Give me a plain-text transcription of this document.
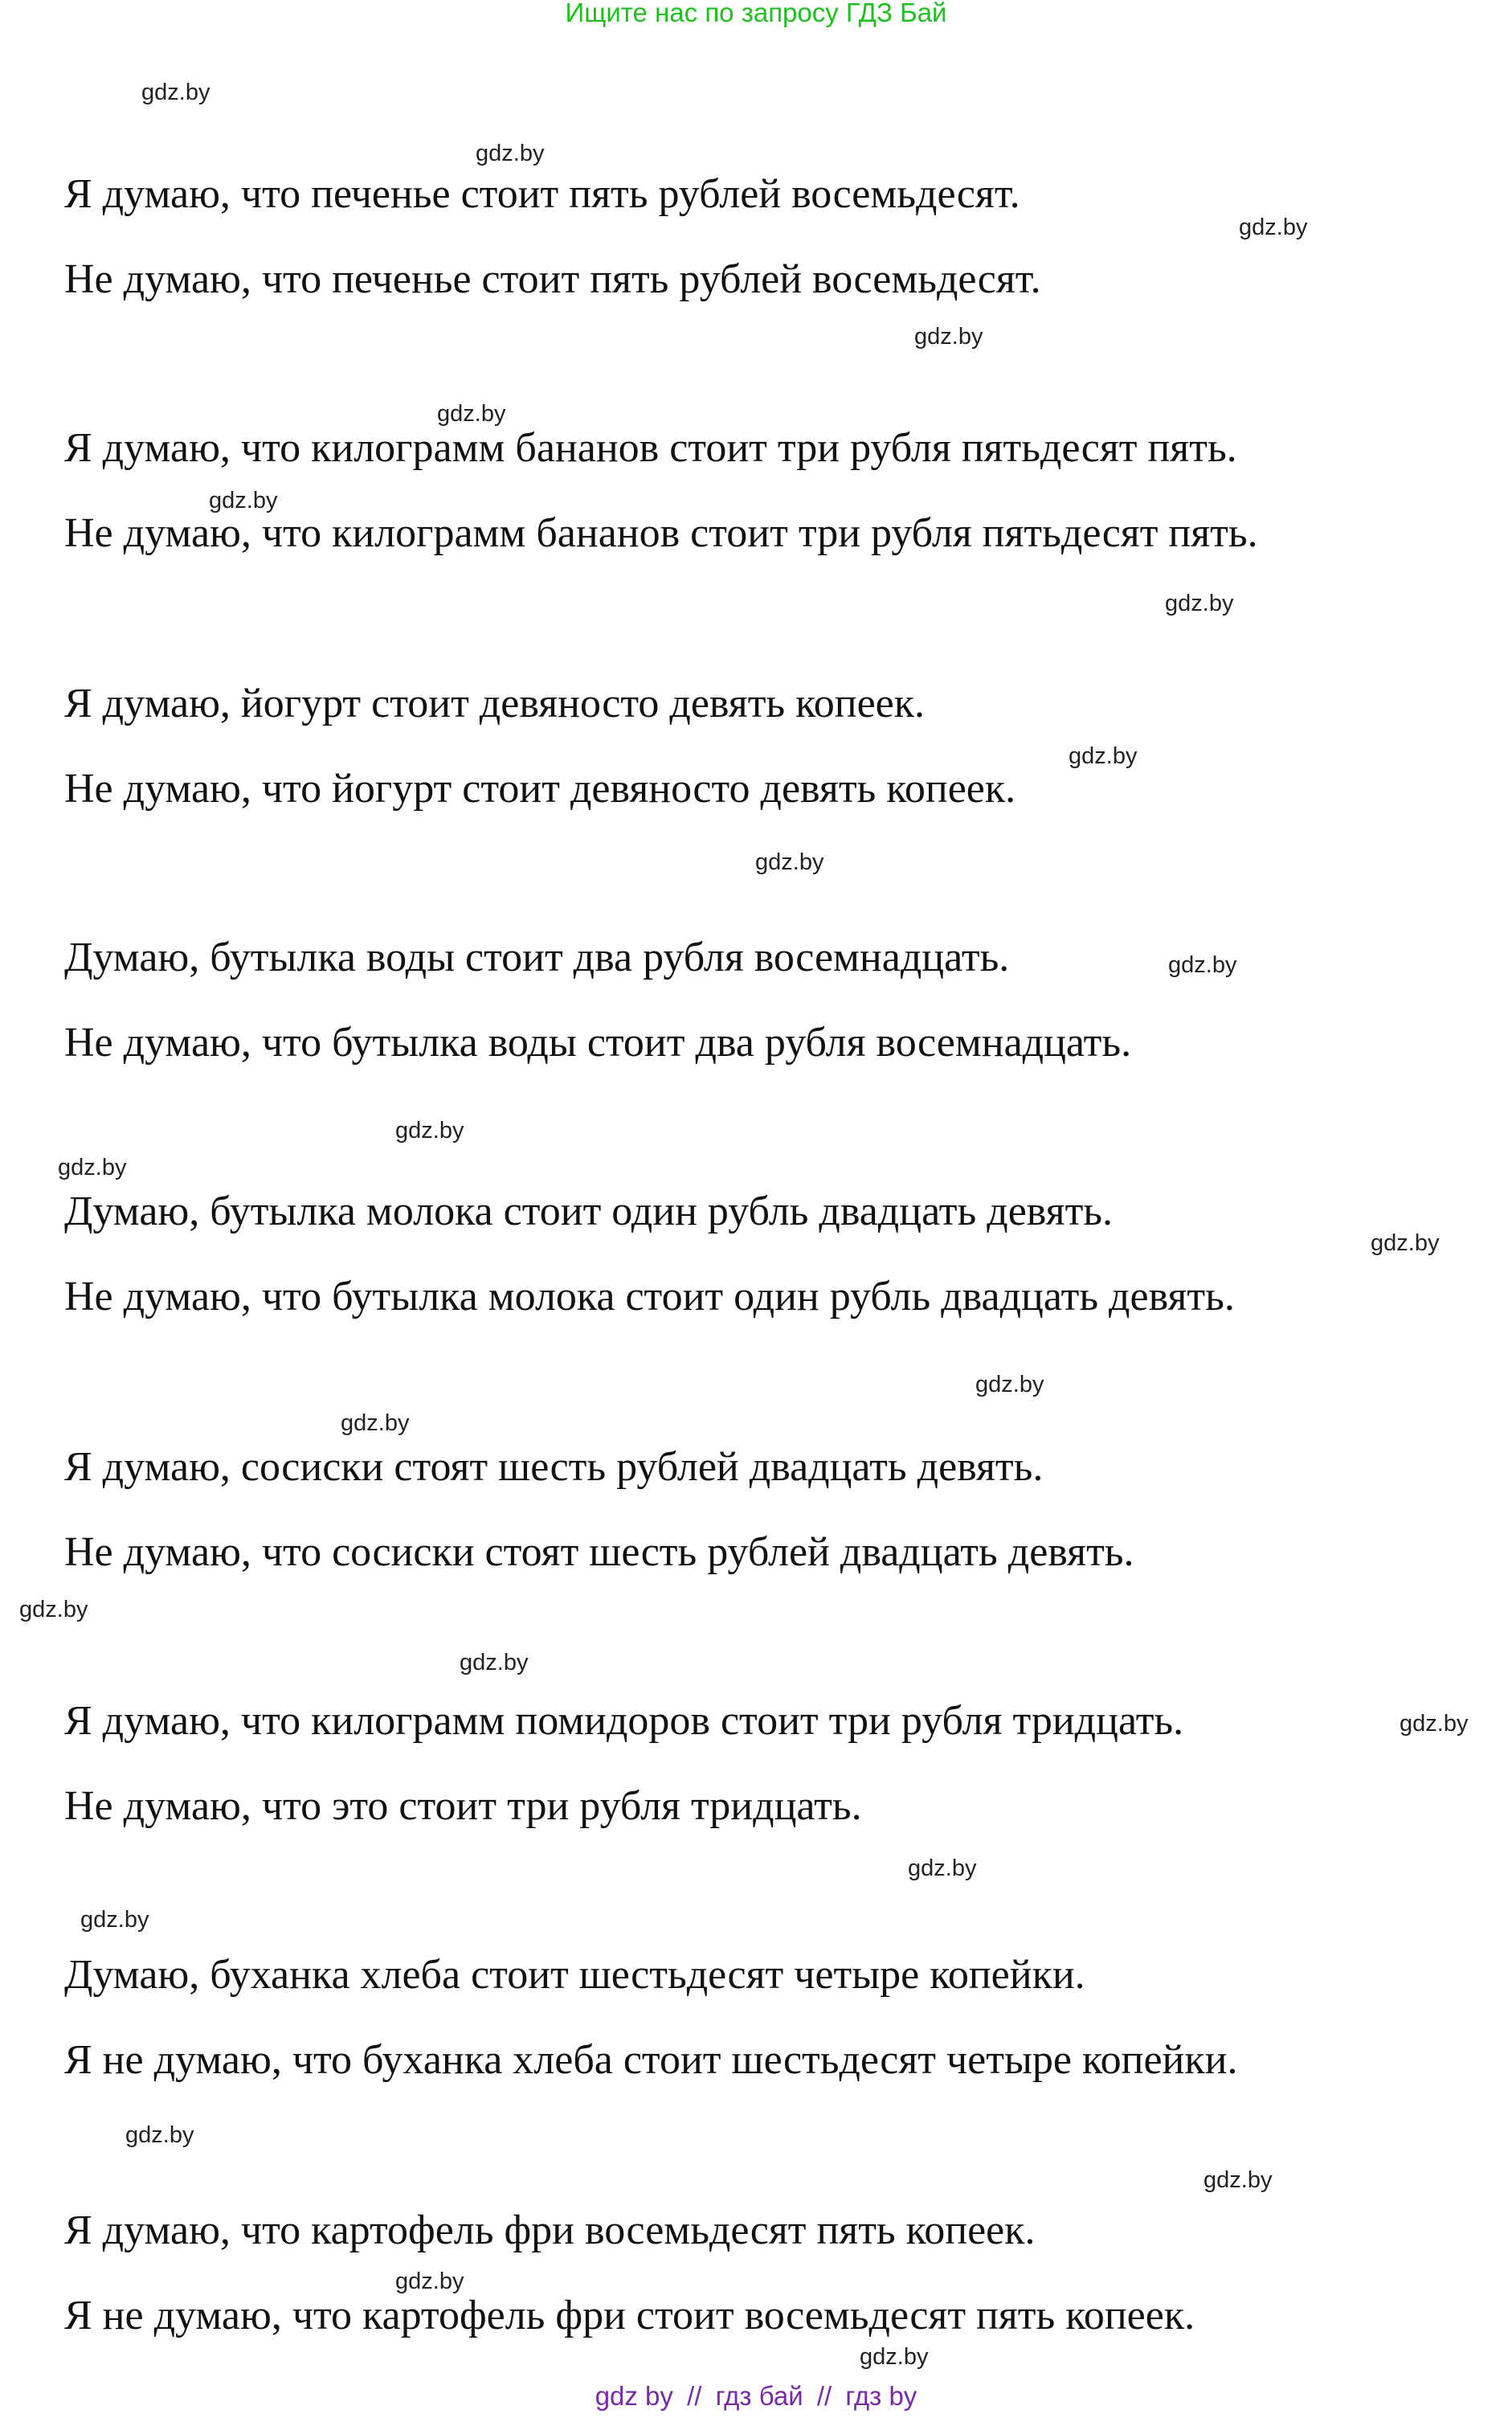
Ищите нас по запросу ГДЗ Бай
gdz.by
gdz.by
gdz.by
gdz.by
gdz.by
gdz.by
gdz.by
gdz.by
gdz.by
gdz.by
gdz.by
gdz.by
gdz.by
gdz.by
gdz.by
gdz.by
gdz.by
gdz.by
gdz.by
gdz.by
gdz.by
gdz.by
gdz.by
gdz.by
Я думаю, что печенье стоит пять рублей восемьдесят.
Не думаю, что печенье стоит пять рублей восемьдесят.
Я думаю, что килограмм бананов стоит три рубля пятьдесят пять.
Не думаю, что килограмм бананов стоит три рубля пятьдесят пять.
Я думаю, йогурт стоит девяносто девять копеек.
Не думаю, что йогурт стоит девяносто девять копеек.
Думаю, бутылка воды стоит два рубля восемнадцать.
Не думаю, что бутылка воды стоит два рубля восемнадцать.
Думаю, бутылка молока стоит один рубль двадцать девять.
Не думаю, что бутылка молока стоит один рубль двадцать девять.
Я думаю, сосиски стоят шесть рублей двадцать девять.
Не думаю, что сосиски стоят шесть рублей двадцать девять.
Я думаю, что килограмм помидоров стоит три рубля тридцать.
Не думаю, что это стоит три рубля тридцать.
Думаю, буханка хлеба стоит шестьдесят четыре копейки.
Я не думаю, что буханка хлеба стоит шестьдесят четыре копейки.
Я думаю, что картофель фри восемьдесят пять копеек.
Я не думаю, что картофель фри стоит восемьдесят пять копеек.
gdz by // гдз бай // гдз by
